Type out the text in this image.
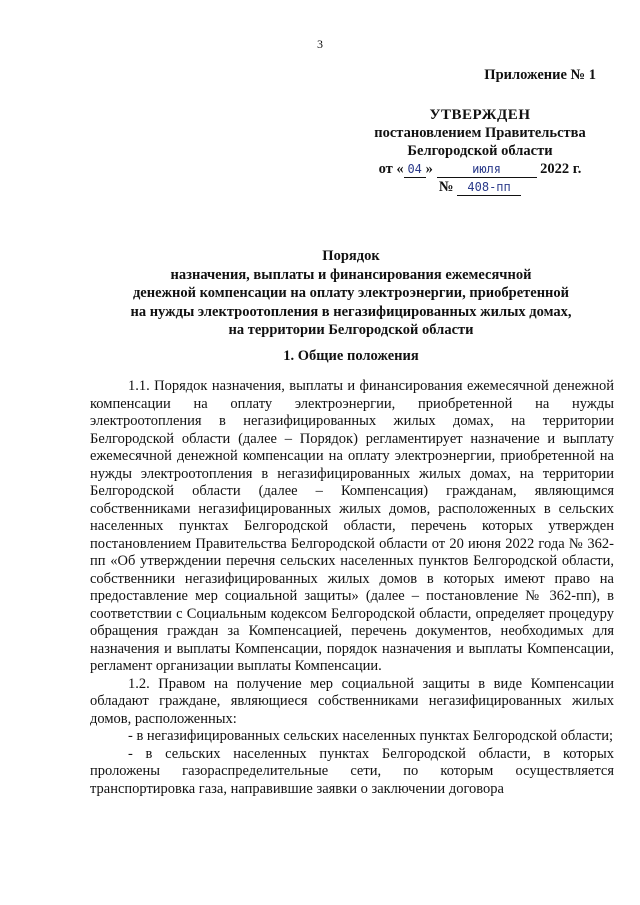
3
Приложение № 1
УТВЕРЖДЕН
постановлением Правительства
Белгородской области
от « 04 »	июля	2022 г.
№ 408-пп
Порядок
назначения, выплаты и финансирования ежемесячной
денежной компенсации на оплату электроэнергии, приобретенной
на нужды электроотопления в негазифицированных жилых домах,
на территории Белгородской области
1. Общие положения

1.1. Порядок назначения, выплаты и финансирования ежемесячной денежной компенсации на оплату электроэнергии, приобретенной на нужды электроотопления в негазифицированных жилых домах, на территории Белгородской области (далее – Порядок) регламентирует назначение и выплату ежемесячной денежной компенсации на оплату электроэнергии, приобретенной на нужды электроотопления в негазифицированных жилых домах, на территории Белгородской области (далее – Компенсация) гражданам, являющимся собственниками негазифицированных жилых домов, расположенных в сельских населенных пунктах Белгородской области, перечень которых утвержден постановлением Правительства Белгородской области от 20 июня 2022 года № 362-пп «Об утверждении перечня сельских населенных пунктов Белгородской области, собственники негазифицированных жилых домов в которых имеют право на предоставление мер социальной защиты» (далее – постановление № 362-пп), в соответствии с Социальным кодексом Белгородской области, определяет процедуру обращения граждан за Компенсацией, перечень документов, необходимых для назначения и выплаты Компенсации, порядок назначения и выплаты Компенсации, регламент организации выплаты Компенсации.

1.2. Правом на получение мер социальной защиты в виде Компенсации обладают граждане, являющиеся собственниками негазифицированных жилых домов, расположенных:

- в негазифицированных сельских населенных пунктах Белгородской области;

- в сельских населенных пунктах Белгородской области, в которых проложены газораспределительные сети, по которым осуществляется транспортировка газа, направившие заявки о заключении договора
